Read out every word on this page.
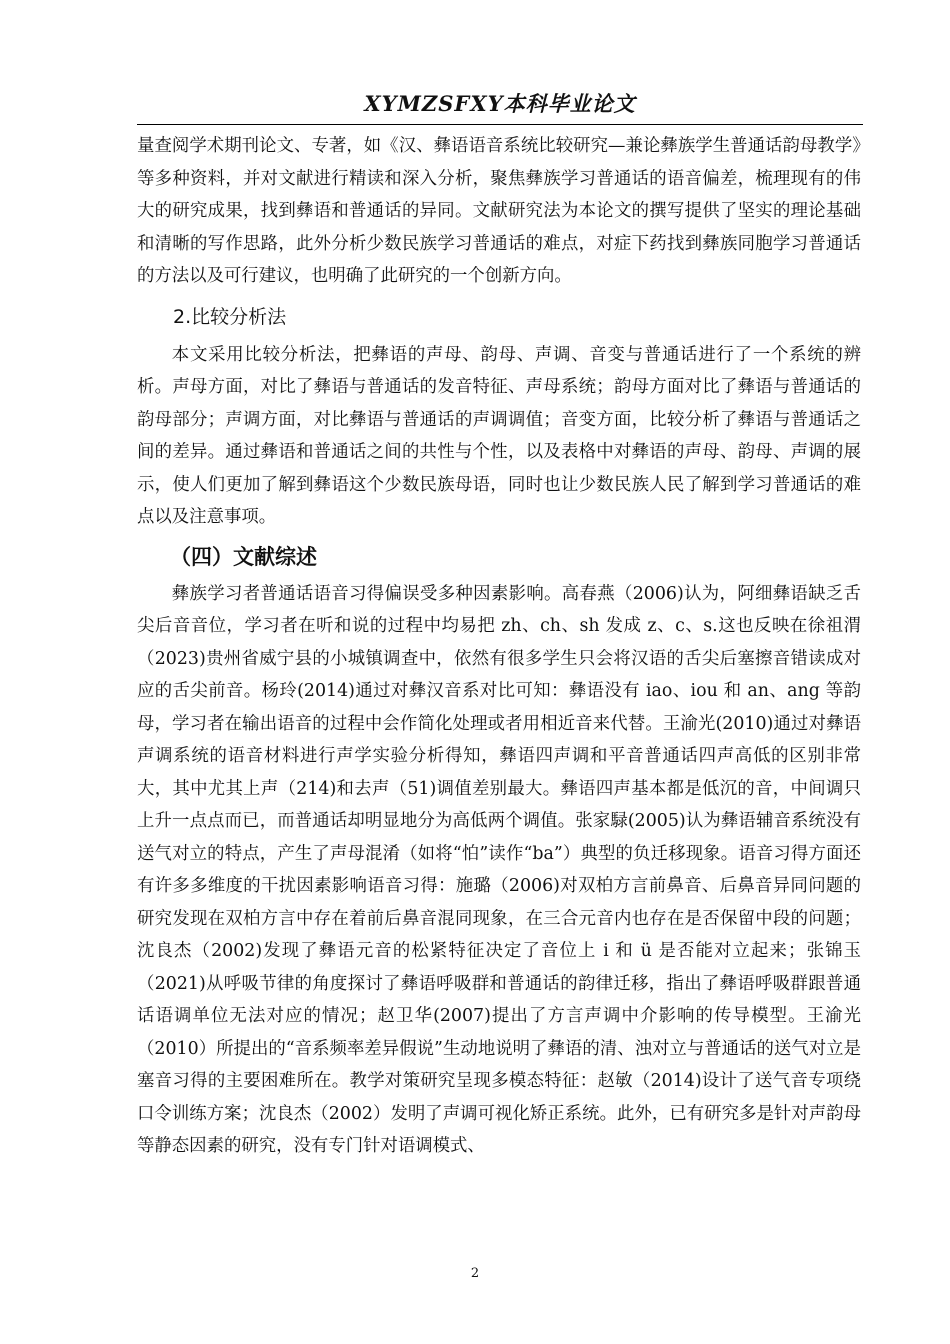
XYMZSFXY本科毕业论文

量查阅学术期刊论文、专著，如《汉、彝语语音系统比较研究—兼论彝族学生普通话韵母教学》等多种资料，并对文献进行精读和深入分析，聚焦彝族学习普通话的语音偏差，梳理现有的伟大的研究成果，找到彝语和普通话的异同。文献研究法为本论文的撰写提供了坚实的理论基础和清晰的写作思路，此外分析少数民族学习普通话的难点，对症下药找到彝族同胞学习普通话的方法以及可行建议，也明确了此研究的一个创新方向。

2.比较分析法

本文采用比较分析法，把彝语的声母、韵母、声调、音变与普通话进行了一个系统的辨析。声母方面，对比了彝语与普通话的发音特征、声母系统；韵母方面对比了彝语与普通话的韵母部分；声调方面，对比彝语与普通话的声调调值；音变方面，比较分析了彝语与普通话之间的差异。通过彝语和普通话之间的共性与个性，以及表格中对彝语的声母、韵母、声调的展示，使人们更加了解到彝语这个少数民族母语，同时也让少数民族人民了解到学习普通话的难点以及注意事项。

（四）文献综述

彝族学习者普通话语音习得偏误受多种因素影响。高春燕（2006)认为，阿细彝语缺乏舌尖后音音位，学习者在听和说的过程中均易把 zh、ch、sh 发成 z、c、s.这也反映在徐祖渭（2023)贵州省威宁县的小城镇调查中，依然有很多学生只会将汉语的舌尖后塞擦音错读成对应的舌尖前音。杨玲(2014)通过对彝汉音系对比可知：彝语没有 iao、iou 和 an、ang 等韵母，学习者在输出语音的过程中会作简化处理或者用相近音来代替。王渝光(2010)通过对彝语声调系统的语音材料进行声学实验分析得知，彝语四声调和平音普通话四声高低的区别非常大，其中尤其上声（214)和去声（51)调值差别最大。彝语四声基本都是低沉的音，中间调只上升一点点而已，而普通话却明显地分为高低两个调值。张家騄(2005)认为彝语辅音系统没有送气对立的特点，产生了声母混淆（如将“怕”读作“ba”）典型的负迁移现象。语音习得方面还有许多多维度的干扰因素影响语音习得：施璐（2006)对双柏方言前鼻音、后鼻音异同问题的研究发现在双柏方言中存在着前后鼻音混同现象，在三合元音内也存在是否保留中段的问题；沈良杰（2002)发现了彝语元音的松紧特征决定了音位上 i 和 ü 是否能对立起来；张锦玉（2021)从呼吸节律的角度探讨了彝语呼吸群和普通话的韵律迁移，指出了彝语呼吸群跟普通话语调单位无法对应的情况；赵卫华(2007)提出了方言声调中介影响的传导模型。王渝光（2010）所提出的“音系频率差异假说”生动地说明了彝语的清、浊对立与普通话的送气对立是塞音习得的主要困难所在。教学对策研究呈现多模态特征：赵敏（2014)设计了送气音专项绕口令训练方案；沈良杰（2002）发明了声调可视化矫正系统。此外，已有研究多是针对声韵母等静态因素的研究，没有专门针对语调模式、

2
